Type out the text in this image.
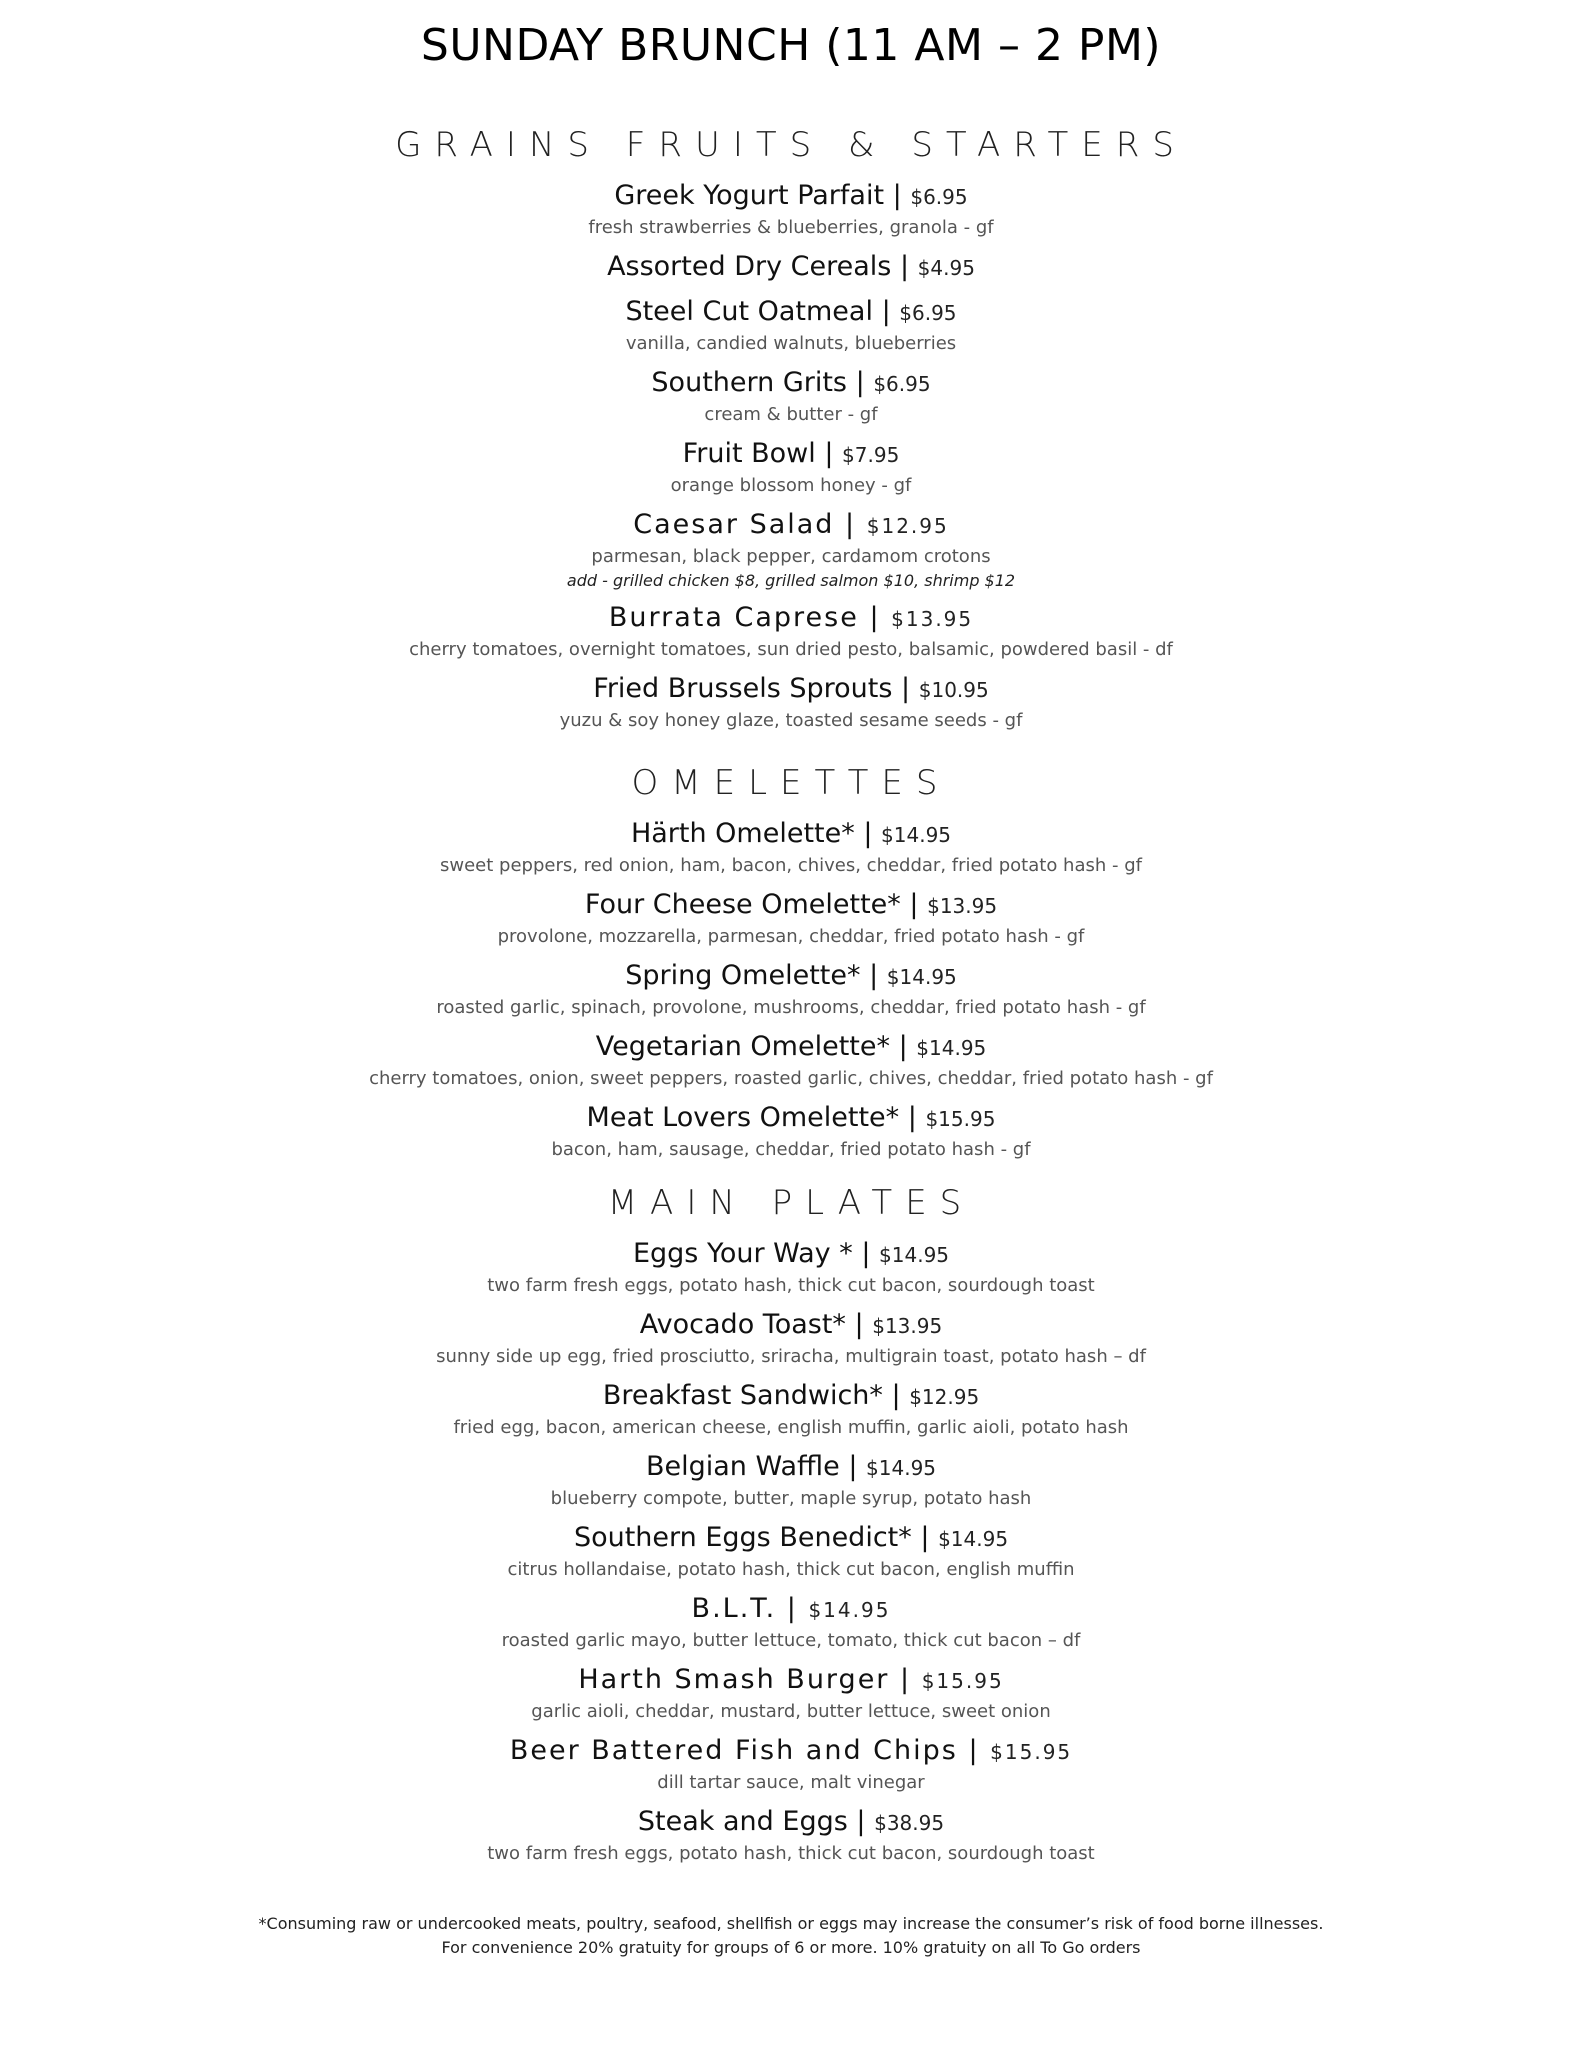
SUNDAY BRUNCH (11 AM – 2 PM)
GRAINS FRUITS & STARTERS

Greek Yogurt Parfait | $6.95

fresh strawberries & blueberries, granola - gf

Assorted Dry Cereals | $4.95

Steel Cut Oatmeal | $6.95

vanilla, candied walnuts, blueberries

Southern Grits | $6.95

cream & butter - gf

Fruit Bowl | $7.95

orange blossom honey - gf

Caesar Salad | $12.95

parmesan, black pepper, cardamom crotons

add - grilled chicken $8, grilled salmon $10, shrimp $12

Burrata Caprese | $13.95

cherry tomatoes, overnight tomatoes, sun dried pesto, balsamic, powdered basil - df

Fried Brussels Sprouts | $10.95

yuzu & soy honey glaze, toasted sesame seeds - gf

OMELETTES

Härth Omelette* | $14.95

sweet peppers, red onion, ham, bacon, chives, cheddar, fried potato hash - gf

Four Cheese Omelette* | $13.95

provolone, mozzarella, parmesan, cheddar, fried potato hash - gf

Spring Omelette* | $14.95

roasted garlic, spinach, provolone, mushrooms, cheddar, fried potato hash - gf

Vegetarian Omelette* | $14.95

cherry tomatoes, onion, sweet peppers, roasted garlic, chives, cheddar, fried potato hash - gf

Meat Lovers Omelette* | $15.95

bacon, ham, sausage, cheddar, fried potato hash - gf

MAIN PLATES

Eggs Your Way * | $14.95

two farm fresh eggs, potato hash, thick cut bacon, sourdough toast

Avocado Toast* | $13.95

sunny side up egg, fried prosciutto, sriracha, multigrain toast, potato hash – df

Breakfast Sandwich* | $12.95

fried egg, bacon, american cheese, english muffin, garlic aioli, potato hash

Belgian Waffle | $14.95

blueberry compote, butter, maple syrup, potato hash

Southern Eggs Benedict* | $14.95

citrus hollandaise, potato hash, thick cut bacon, english muffin

B.L.T. | $14.95

roasted garlic mayo, butter lettuce, tomato, thick cut bacon – df

Harth Smash Burger | $15.95

garlic aioli, cheddar, mustard, butter lettuce, sweet onion

Beer Battered Fish and Chips | $15.95

dill tartar sauce, malt vinegar

Steak and Eggs | $38.95

two farm fresh eggs, potato hash, thick cut bacon, sourdough toast

*Consuming raw or undercooked meats, poultry, seafood, shellfish or eggs may increase the consumer’s risk of food borne illnesses.

For convenience 20% gratuity for groups of 6 or more. 10% gratuity on all To Go orders
